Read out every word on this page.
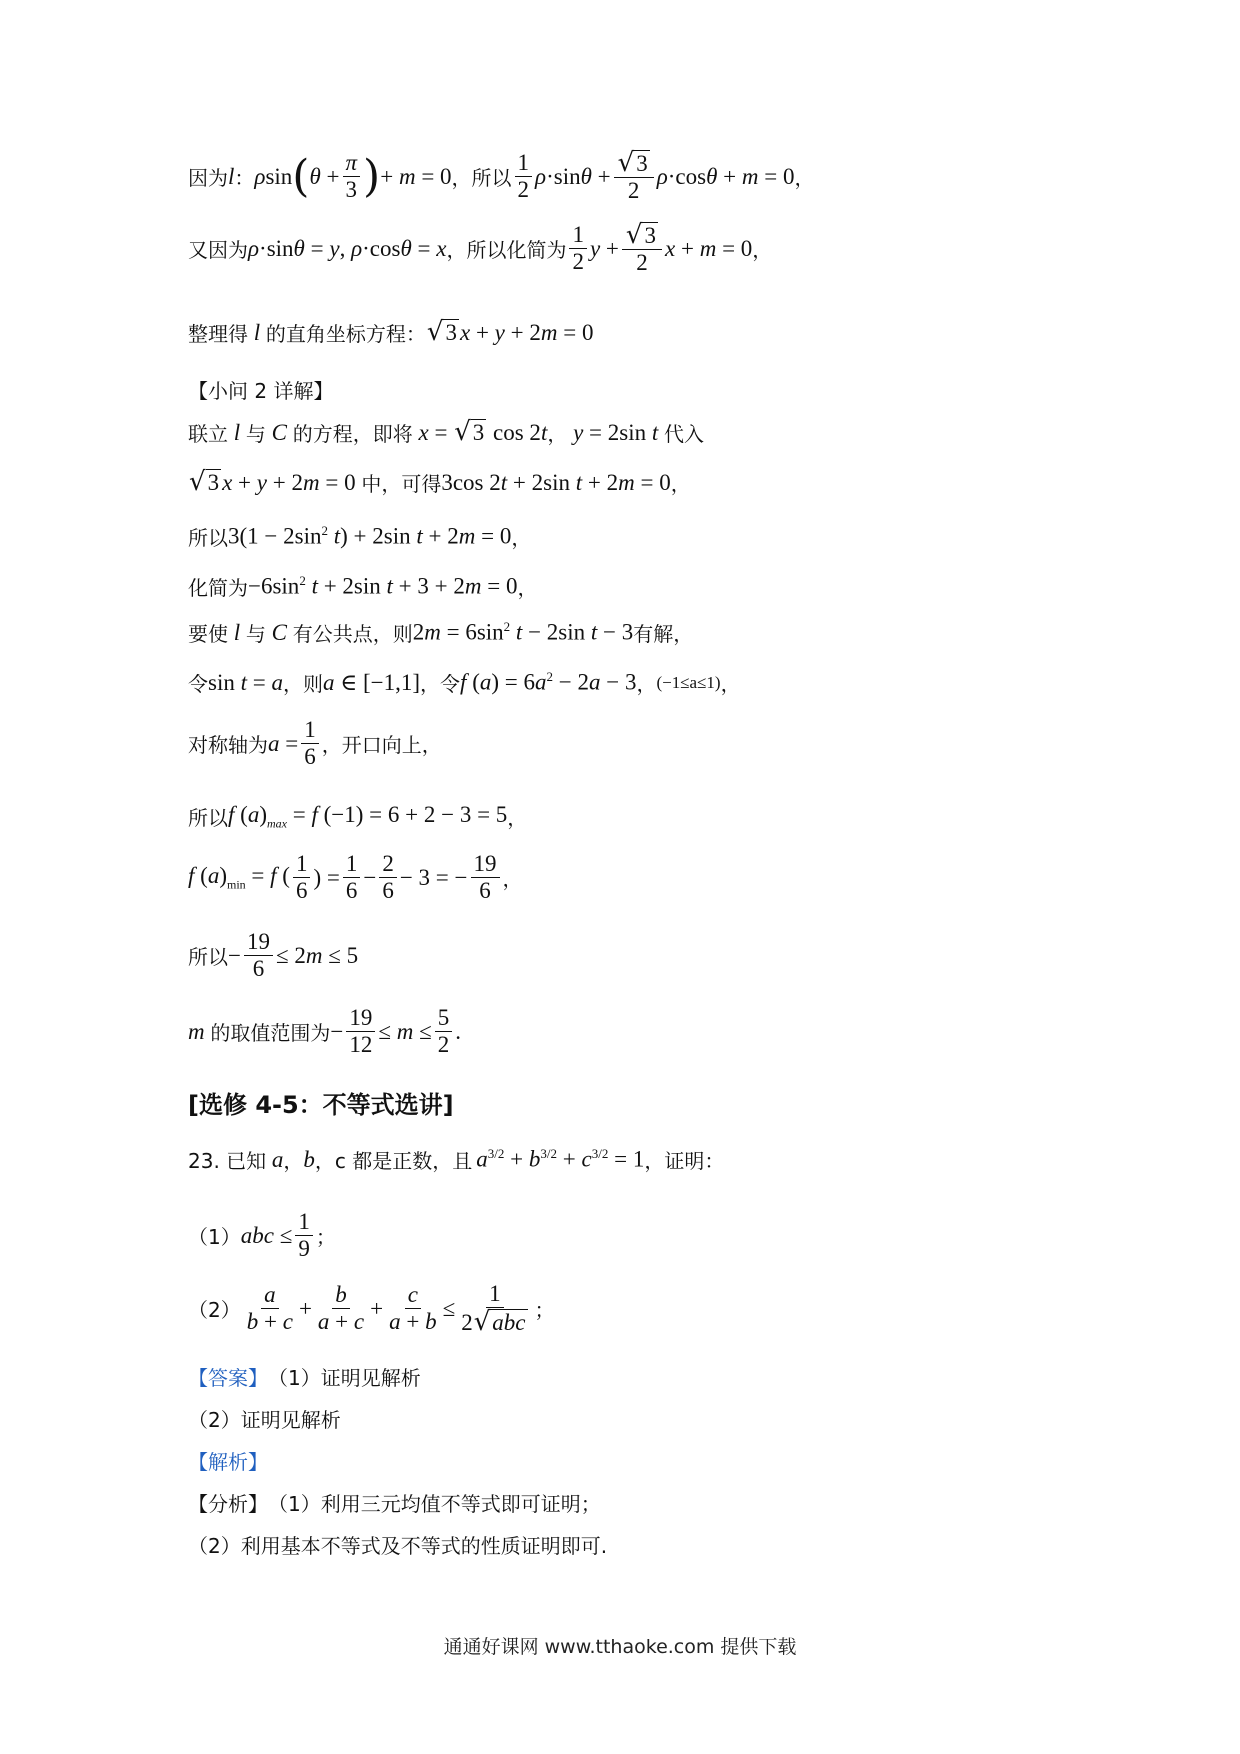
因为 l ： ρsin ( $\theta + \frac{\pi}{3}$ ) + m = 0 ，所以 $\frac{1}{2} \rho\cdot\sin\theta + \frac{√ 3}{2} \rho\cdot\cos\theta + m = 0$ ，
又因为 ρ·sinθ = y, ρ·cosθ = x ，所以化简为 $\frac{1}{2}$ $y + \frac{√ 3}{2}$ x + m = 0 ，
整理得 l 的直角坐标方程： √ 3 x + y + 2m = 0
【小问 2 详解】
联立 l 与 C 的方程，即将 x = √ 3 cos 2t ， y = 2sin t 代入
√ 3 x + y + 2m = 0 中，可得 3cos 2t + 2sin t + 2m = 0 ，
所以 $3(1 - 2\sin^2$ t) + 2sin t + 2m = 0 ，
化简为 $-6\sin^2$ t + 2sin t + 3 + 2m = 0 ，
要使 l 与 C 有公共点，则 $2m = 6\sin^2$ t − 2sin t − 3 有解，
令 sin t = a ，则 a ∈ [−1,1] ，令 f $(a) = 6a^2 - 2a - 3$ ， (−1≤a≤1) ，
对称轴为 $a = \frac{1}{6}$ ，开口向上，
所以 f $(a)_{max} = f$ (−1) = 6 + 2 − 3 = 5 ，
f $(a)_{min} = f$ ( $\frac{1}{6}$ ) = $\frac{1}{6} - \frac{2}{6} - 3$ = − $\frac{19}{6}$ ，
所以 − $\frac{19}{6} \le 2m \le 5$
m 的取值范围为 − $\frac{19}{12} \le m \le \frac{5}{2}$ .
[选修 4-5：不等式选讲]
23. 已知 a ， b ，c 都是正数，且 $a^{3/2} + b^{3/2} + c^{3/2} = 1$ ，证明：
（1） abc ≤ $\frac{1}{9}$ ；
$(2) \frac{a}{b + c} + \frac{b}{a + c} + \frac{c}{a + b} \le \frac{1}{\text{2 √ abc}}$ ；
【答案】 （1）证明见解析
（2）证明见解析
【解析】
【分析】 （1）利用三元均值不等式即可证明；
（2）利用基本不等式及不等式的性质证明即可.
通通好课网 www.tthaoke.com 提供下载
